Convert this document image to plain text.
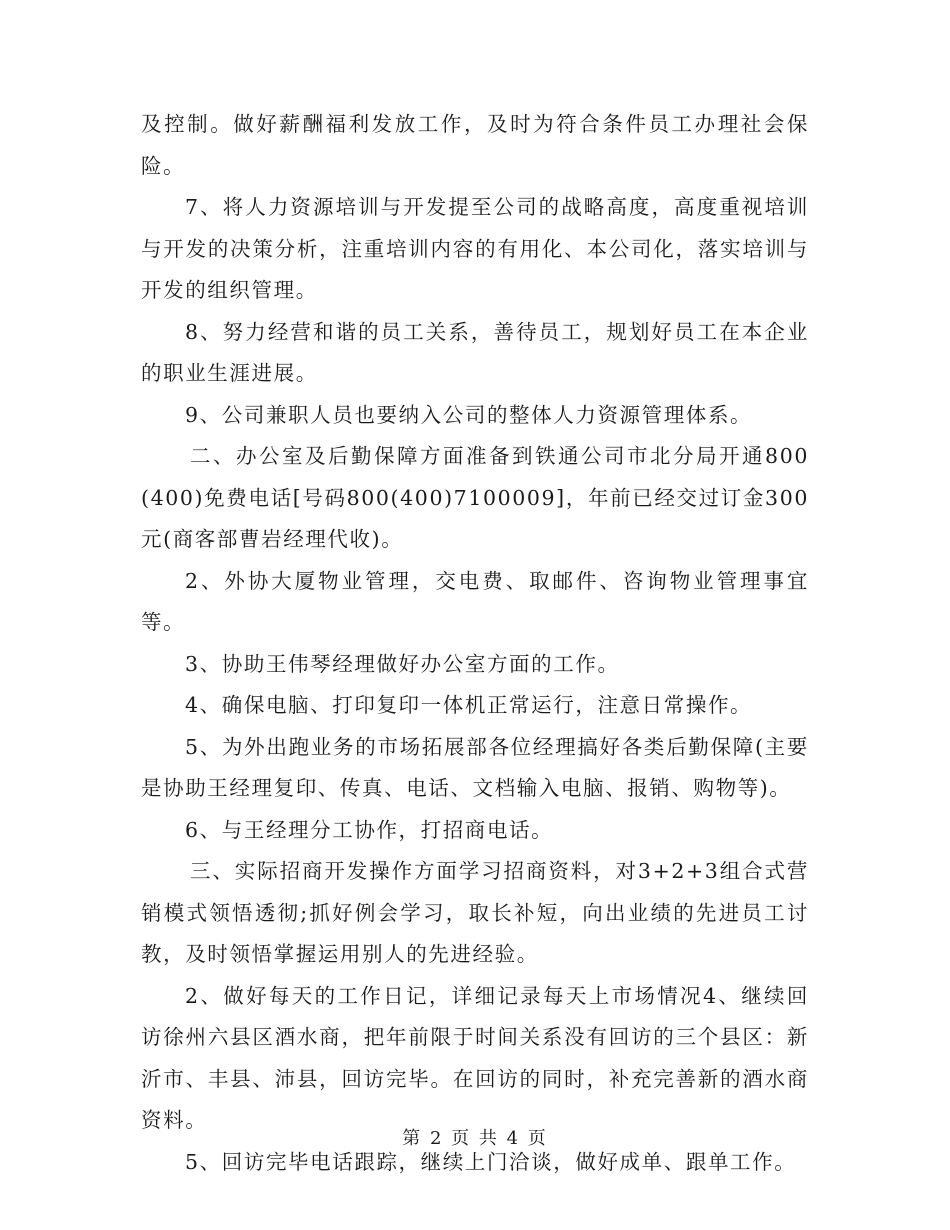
及控制。做好薪酬福利发放工作，及时为符合条件员工办理社会保险。

7、将人力资源培训与开发提至公司的战略高度，高度重视培训与开发的决策分析，注重培训内容的有用化、本公司化，落实培训与开发的组织管理。

8、努力经营和谐的员工关系，善待员工，规划好员工在本企业的职业生涯进展。

9、公司兼职人员也要纳入公司的整体人力资源管理体系。

二、办公室及后勤保障方面准备到铁通公司市北分局开通800(400)免费电话[号码800(400)7100009]，年前已经交过订金300元(商客部曹岩经理代收)。

2、外协大厦物业管理，交电费、取邮件、咨询物业管理事宜等。

3、协助王伟琴经理做好办公室方面的工作。

4、确保电脑、打印复印一体机正常运行，注意日常操作。

5、为外出跑业务的市场拓展部各位经理搞好各类后勤保障(主要是协助王经理复印、传真、电话、文档输入电脑、报销、购物等)。

6、与王经理分工协作，打招商电话。

三、实际招商开发操作方面学习招商资料，对3+2+3组合式营销模式领悟透彻;抓好例会学习，取长补短，向出业绩的先进员工讨教，及时领悟掌握运用别人的先进经验。

2、做好每天的工作日记，详细记录每天上市场情况4、继续回访徐州六县区酒水商，把年前限于时间关系没有回访的三个县区：新沂市、丰县、沛县，回访完毕。在回访的同时，补充完善新的酒水商资料。

5、回访完毕电话跟踪，继续上门洽谈，做好成单、跟单工作。

第 2 页 共 4 页
